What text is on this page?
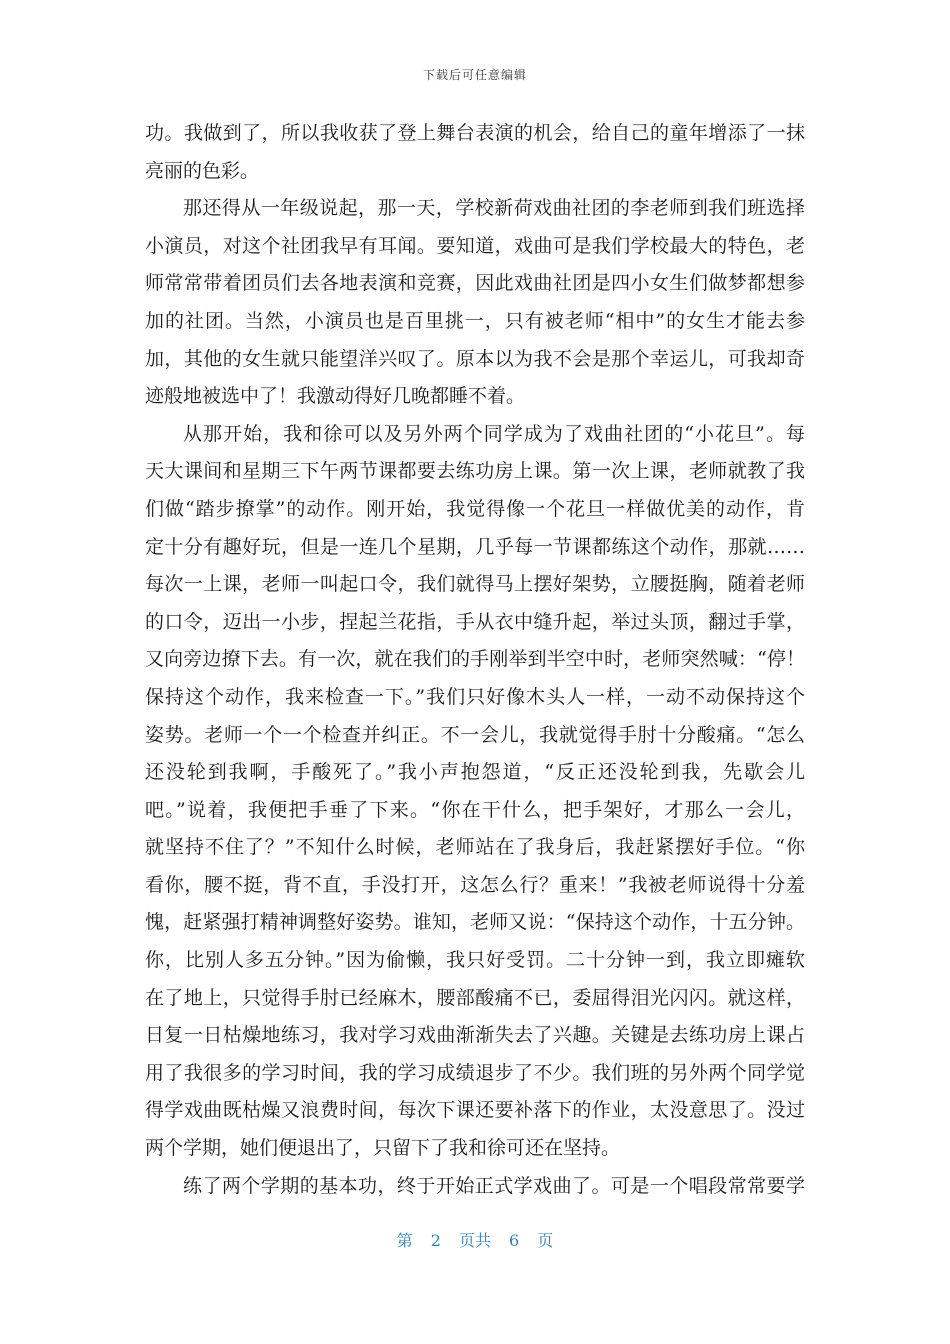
下载后可任意编辑
功。我做到了，所以我收获了登上舞台表演的机会，给自己的童年增添了一抹
亮丽的色彩。
那还得从一年级说起，那一天，学校新荷戏曲社团的李老师到我们班选择
小演员，对这个社团我早有耳闻。要知道，戏曲可是我们学校最大的特色，老
师常常带着团员们去各地表演和竞赛，因此戏曲社团是四小女生们做梦都想参
加的社团。当然，小演员也是百里挑一，只有被老师“相中”的女生才能去参
加，其他的女生就只能望洋兴叹了。原本以为我不会是那个幸运儿，可我却奇
迹般地被选中了！我激动得好几晚都睡不着。
从那开始，我和徐可以及另外两个同学成为了戏曲社团的“小花旦”。每
天大课间和星期三下午两节课都要去练功房上课。第一次上课，老师就教了我
们做“踏步撩掌”的动作。刚开始，我觉得像一个花旦一样做优美的动作，肯
定十分有趣好玩，但是一连几个星期，几乎每一节课都练这个动作，那就……
每次一上课，老师一叫起口令，我们就得马上摆好架势，立腰挺胸，随着老师
的口令，迈出一小步，捏起兰花指，手从衣中缝升起，举过头顶，翻过手掌，
又向旁边撩下去。有一次，就在我们的手刚举到半空中时，老师突然喊：“停！
保持这个动作，我来检查一下。”我们只好像木头人一样，一动不动保持这个
姿势。老师一个一个检查并纠正。不一会儿，我就觉得手肘十分酸痛。“怎么
还没轮到我啊，手酸死了。”我小声抱怨道，“反正还没轮到我，先歇会儿
吧。”说着，我便把手垂了下来。“你在干什么，把手架好，才那么一会儿，
就坚持不住了？”不知什么时候，老师站在了我身后，我赶紧摆好手位。“你
看你，腰不挺，背不直，手没打开，这怎么行？重来！”我被老师说得十分羞
愧，赶紧强打精神调整好姿势。谁知，老师又说：“保持这个动作，十五分钟。
你，比别人多五分钟。”因为偷懒，我只好受罚。二十分钟一到，我立即瘫软
在了地上，只觉得手肘已经麻木，腰部酸痛不已，委屈得泪光闪闪。就这样，
日复一日枯燥地练习，我对学习戏曲渐渐失去了兴趣。关键是去练功房上课占
用了我很多的学习时间，我的学习成绩退步了不少。我们班的另外两个同学觉
得学戏曲既枯燥又浪费时间，每次下课还要补落下的作业，太没意思了。没过
两个学期，她们便退出了，只留下了我和徐可还在坚持。
练了两个学期的基本功，终于开始正式学戏曲了。可是一个唱段常常要学
第 2 页共 6 页
